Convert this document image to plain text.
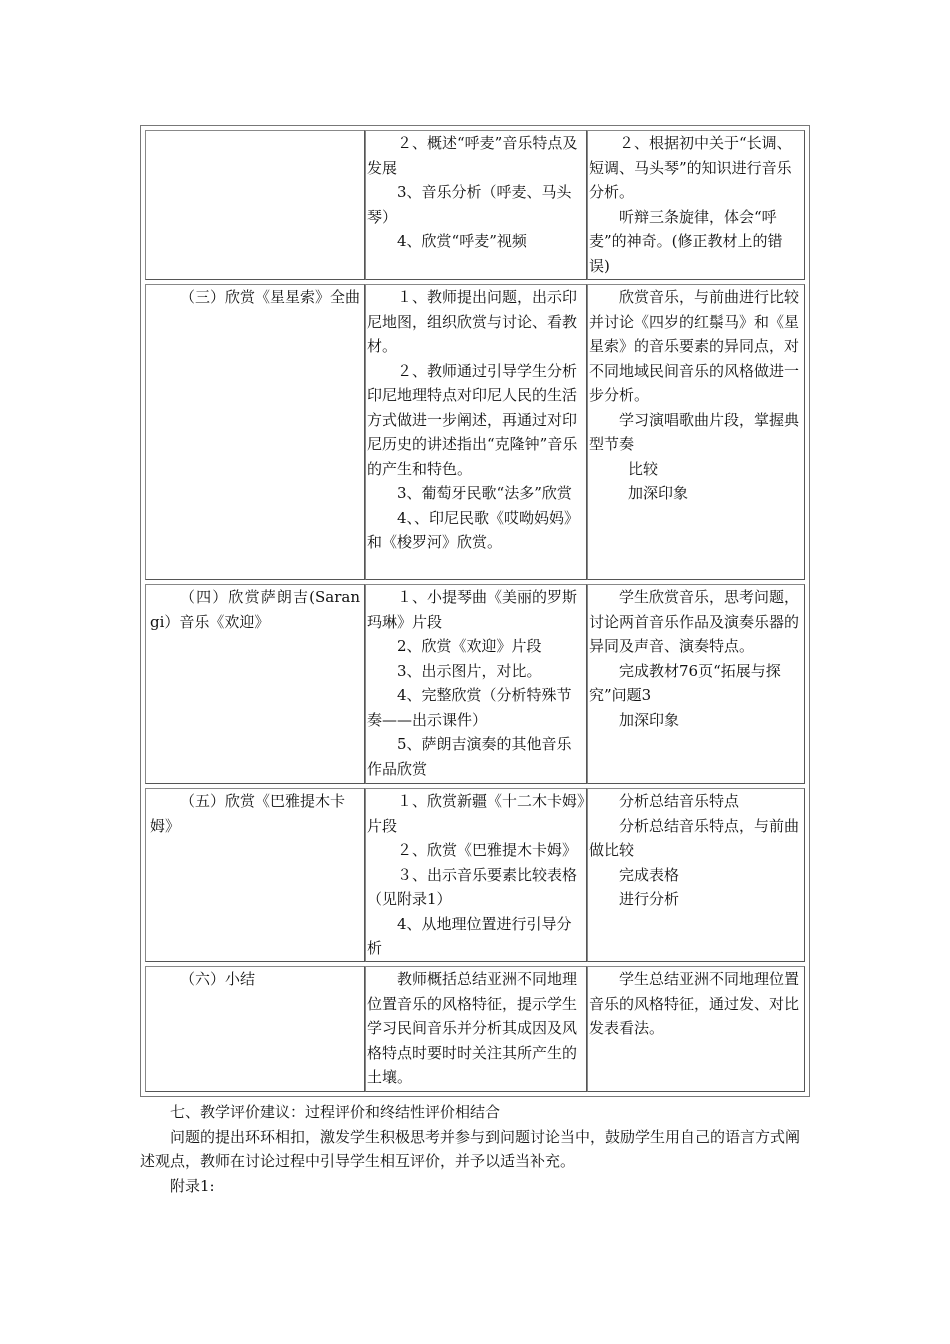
２、概述“呼麦”音乐特点及发展

3、音乐分析（呼麦、马头琴）

4、欣赏“呼麦”视频

２、根据初中关于“长调、短调、马头琴”的知识进行音乐分析。

听辩三条旋律，体会“呼麦”的神奇。(修正教材上的错误)

（三）欣赏《星星索》全曲	１、教师提出问题，出示印尼地图，组织欣赏与讨论、看教材。

２、教师通过引导学生分析印尼地理特点对印尼人民的生活方式做进一步阐述，再通过对印尼历史的讲述指出“克隆钟”音乐的产生和特色。

3、葡萄牙民歌“法多”欣赏

4、、印尼民歌《哎呦妈妈》和《梭罗河》欣赏。

欣赏音乐，与前曲进行比较并讨论《四岁的红鬃马》和《星星索》的音乐要素的异同点，对不同地域民间音乐的风格做进一步分析。

学习演唱歌曲片段，掌握典型节奏

比较

加深印象

（四）欣赏萨朗吉(Sarangi）音乐《欢迎》

１、小提琴曲《美丽的罗斯玛琳》片段

2、欣赏《欢迎》片段

3、出示图片，对比。

4、完整欣赏（分析特殊节奏——出示课件）

5、萨朗吉演奏的其他音乐作品欣赏

学生欣赏音乐，思考问题，讨论两首音乐作品及演奏乐器的异同及声音、演奏特点。

完成教材76页“拓展与探究”问题3

加深印象

（五）欣赏《巴雅提木卡姆》

１、欣赏新疆《十二木卡姆》片段

２、欣赏《巴雅提木卡姆》

３、出示音乐要素比较表格（见附录1）

4、从地理位置进行引导分析

分析总结音乐特点

分析总结音乐特点，与前曲做比较

完成表格

进行分析

（六）小结	教师概括总结亚洲不同地理位置音乐的风格特征，提示学生学习民间音乐并分析其成因及风格特点时要时时关注其所产生的土壤。

学生总结亚洲不同地理位置音乐的风格特征，通过发、对比发表看法。

七、教学评价建议：过程评价和终结性评价相结合

问题的提出环环相扣，激发学生积极思考并参与到问题讨论当中，鼓励学生用自己的语言方式阐述观点，教师在讨论过程中引导学生相互评价，并予以适当补充。

附录1:
